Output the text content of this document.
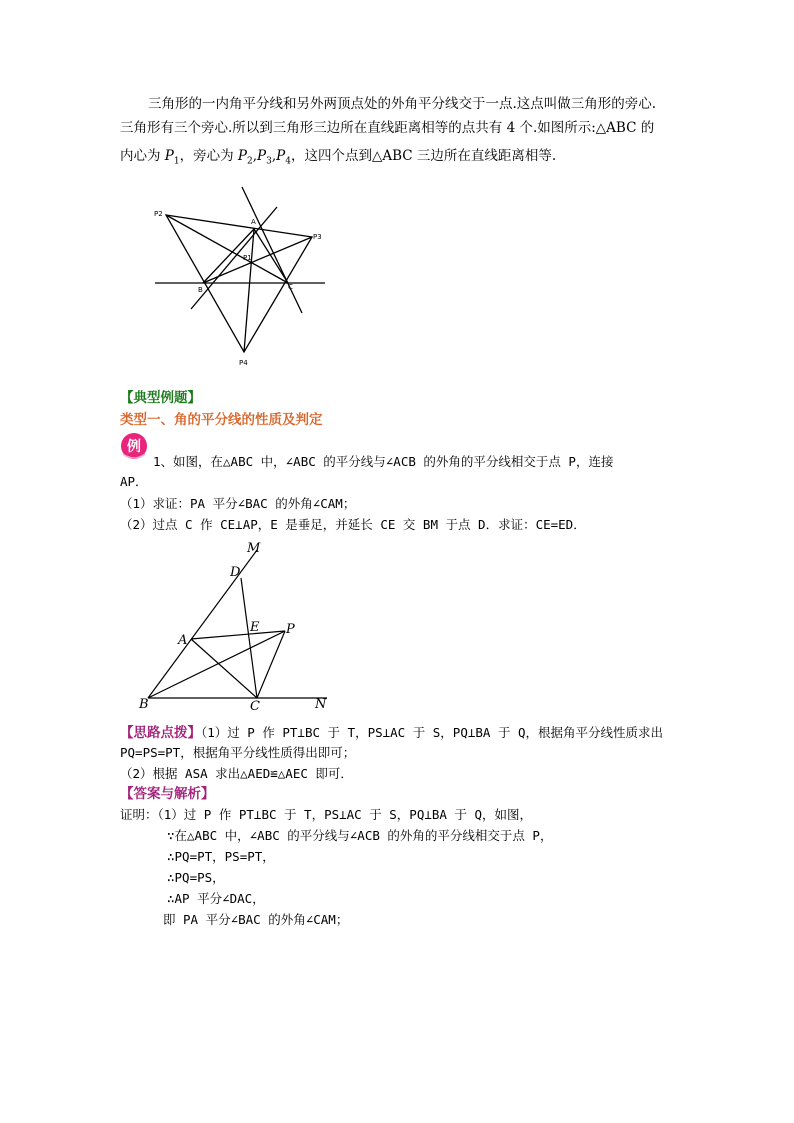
三角形的一内角平分线和另外两顶点处的外角平分线交于一点.这点叫做三角形的旁心.
三角形有三个旁心.所以到三角形三边所在直线距离相等的点共有 4 个.如图所示:△ABC 的
内心为 $P_1$，旁心为 $P_2,P_3,P_4$，这四个点到△ABC 三边所在直线距离相等.
A
B	C
P1
P2
P3
P4
【典型例题】
类型一、角的平分线的性质及判定
例
1、如图，在△ABC 中，∠ABC 的平分线与∠ACB 的外角的平分线相交于点 P，连接
AP．
（1）求证：PA 平分∠BAC 的外角∠CAM；
（2）过点 C 作 CE⊥AP，E 是垂足，并延长 CE 交 BM 于点 D．求证：CE=ED．
M
D
E P
A
B	C	N
【思路点拨】（1）过 P 作 PT⊥BC 于 T，PS⊥AC 于 S，PQ⊥BA 于 Q，根据角平分线性质求出
PQ=PS=PT，根据角平分线性质得出即可；
（2）根据 ASA 求出△AED≌△AEC 即可．
【答案与解析】
证明：（1）过 P 作 PT⊥BC 于 T，PS⊥AC 于 S，PQ⊥BA 于 Q，如图，
∵在△ABC 中，∠ABC 的平分线与∠ACB 的外角的平分线相交于点 P，
∴PQ=PT，PS=PT，
∴PQ=PS，
∴AP 平分∠DAC，
即 PA 平分∠BAC 的外角∠CAM；
